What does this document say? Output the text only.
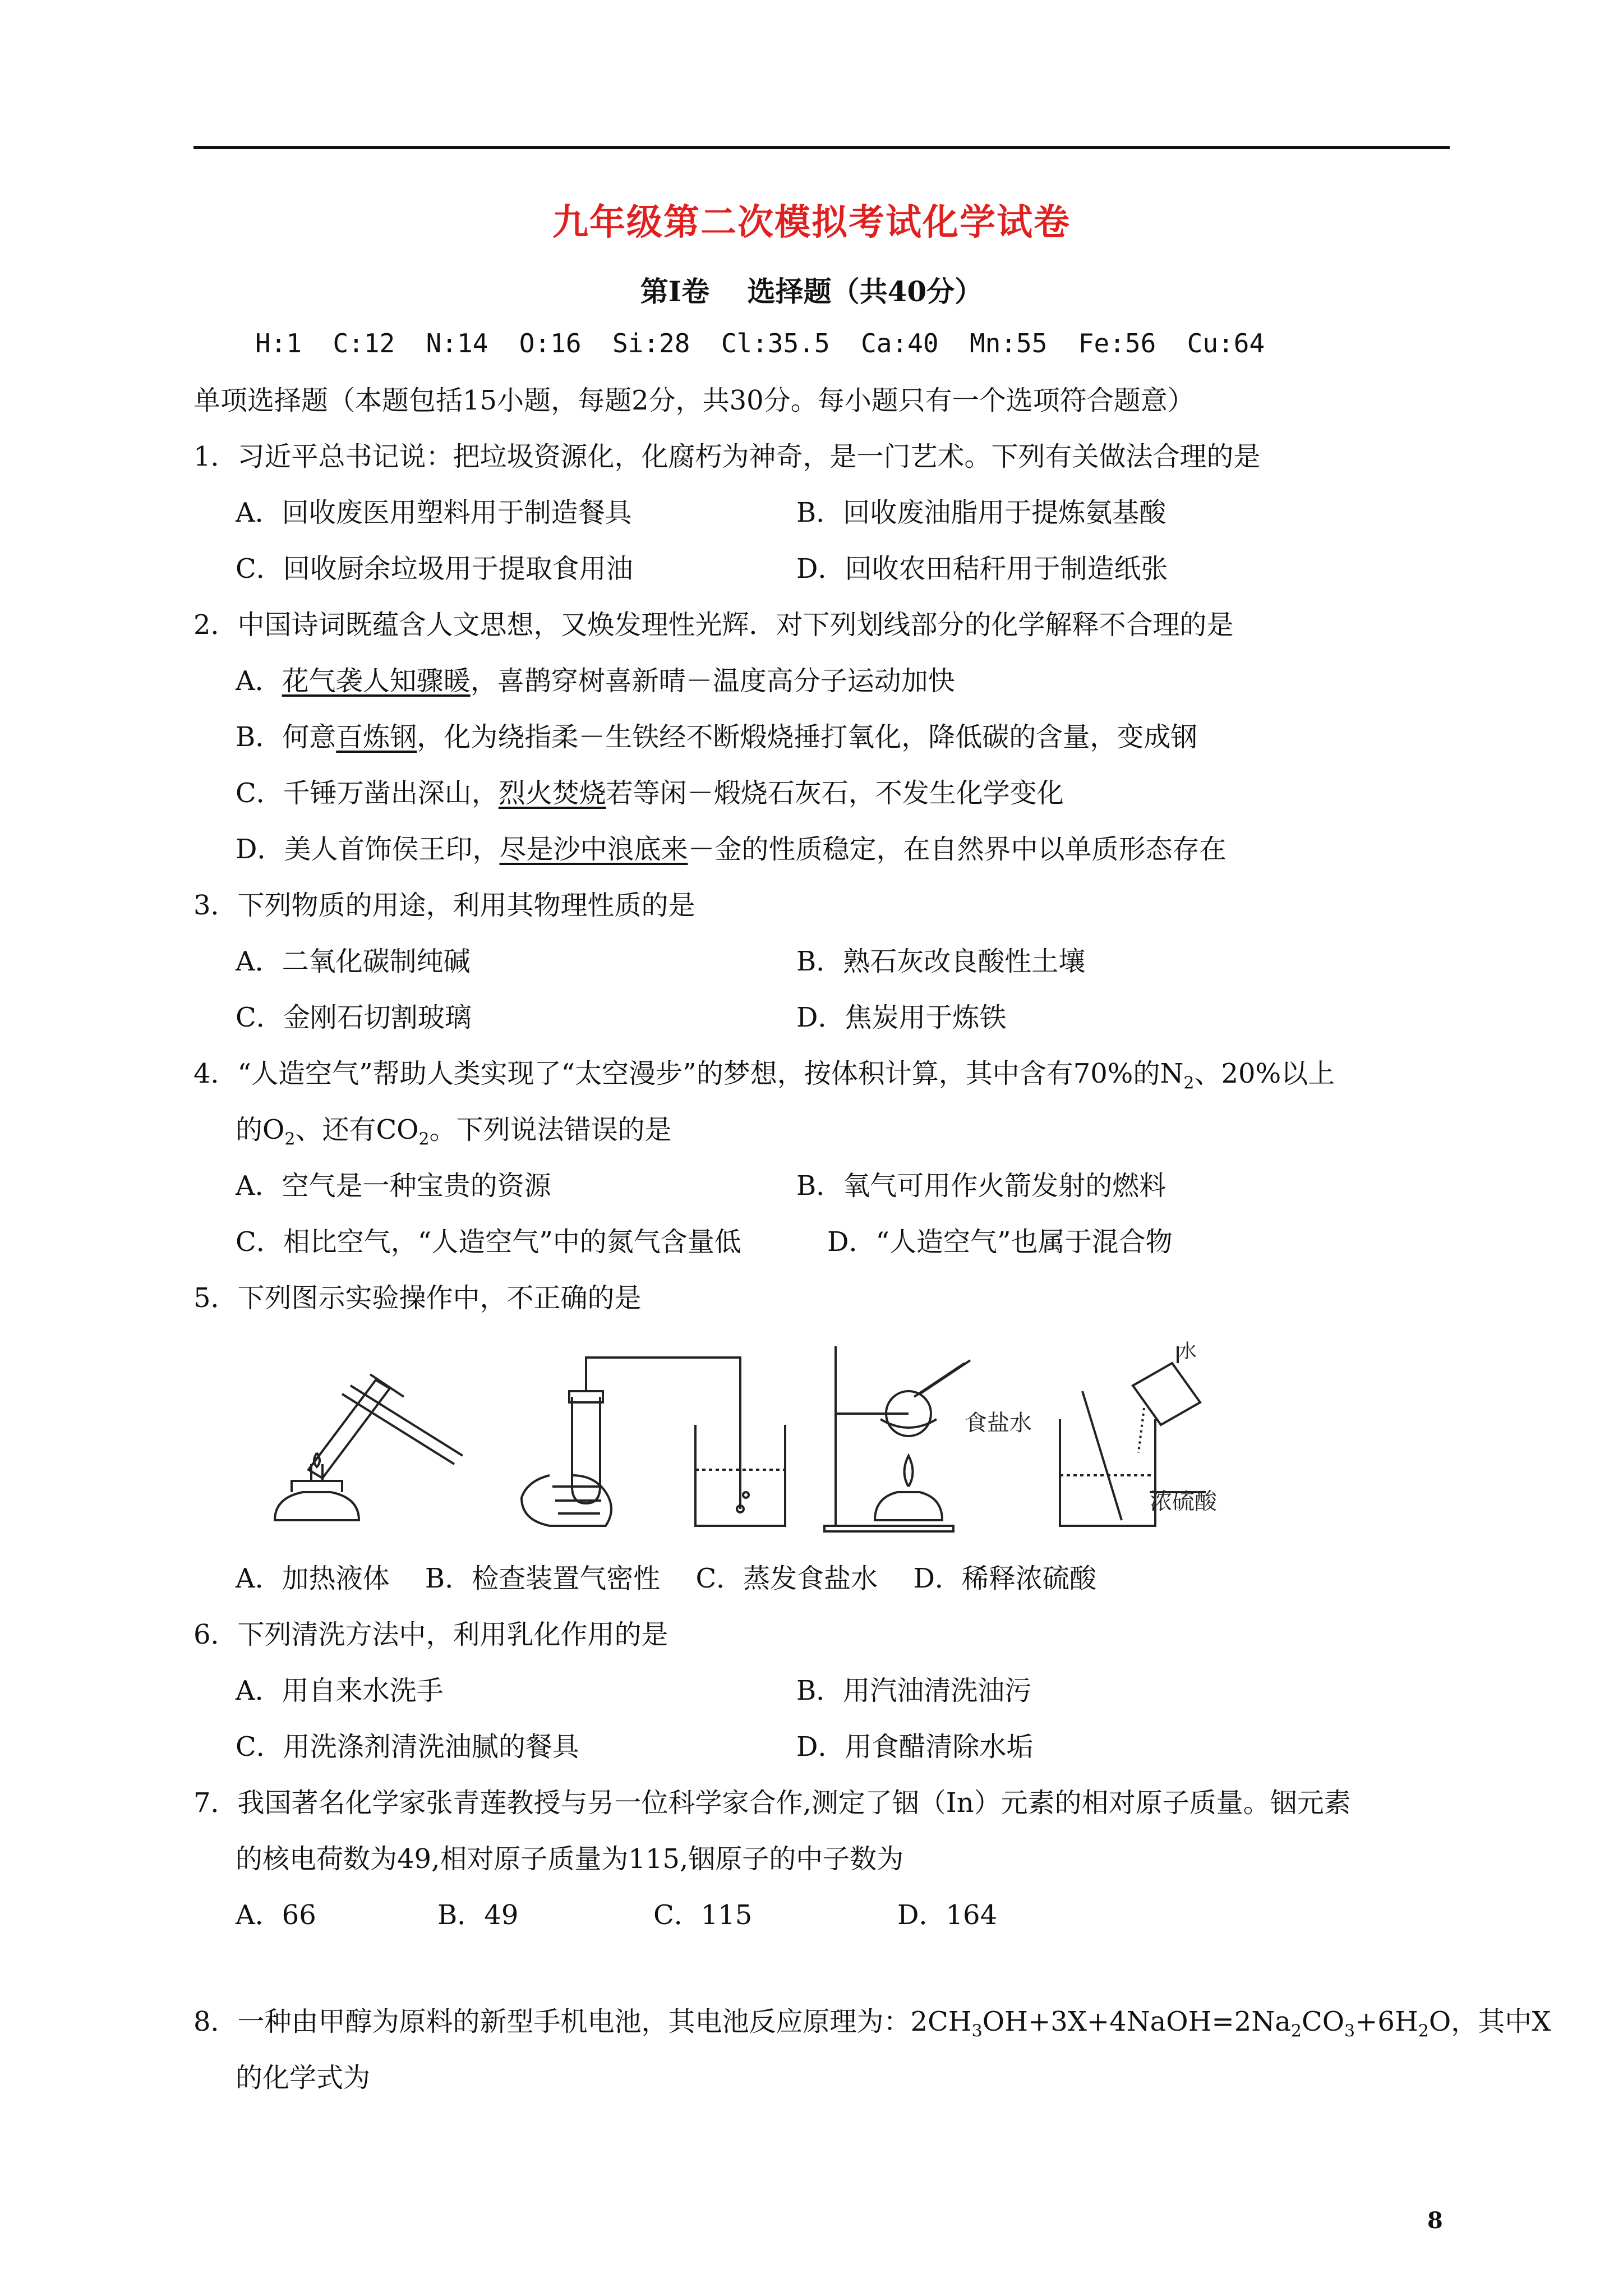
九年级第二次模拟考试化学试卷
第Ⅰ卷　 选择题（共40分）
H:1  C:12  N:14  O:16  Si:28  Cl:35.5  Ca:40  Mn:55  Fe:56  Cu:64
单项选择题（本题包括15小题，每题2分，共30分。每小题只有一个选项符合题意）
1．习近平总书记说：把垃圾资源化，化腐朽为神奇，是一门艺术。下列有关做法合理的是
A．回收废医用塑料用于制造餐具	B．回收废油脂用于提炼氨基酸
C．回收厨余垃圾用于提取食用油	D．回收农田秸秆用于制造纸张
2．中国诗词既蕴含人文思想，又焕发理性光辉．对下列划线部分的化学解释不合理的是
A．花气袭人知骤暖，喜鹊穿树喜新晴－温度高分子运动加快
B．何意百炼钢，化为绕指柔－生铁经不断煅烧捶打氧化，降低碳的含量，变成钢
C．千锤万凿出深山，烈火焚烧若等闲－煅烧石灰石，不发生化学变化
D．美人首饰侯王印，尽是沙中浪底来－金的性质稳定，在自然界中以单质形态存在
3．下列物质的用途，利用其物理性质的是
A．二氧化碳制纯碱	B．熟石灰改良酸性土壤
C．金刚石切割玻璃	D．焦炭用于炼铁
4．“人造空气”帮助人类实现了“太空漫步”的梦想，按体积计算，其中含有70%的$N_2$、20%以上
的$O_2$、还有$CO_2$。下列说法错误的是
A．空气是一种宝贵的资源	B．氧气可用作火箭发射的燃料
C．相比空气，“人造空气”中的氮气含量低	D．“人造空气”也属于混合物
5．下列图示实验操作中，不正确的是
食盐水
水
浓硫酸
A．加热液体　 B．检查装置气密性　 C．蒸发食盐水　 D．稀释浓硫酸
6．下列清洗方法中，利用乳化作用的是
A．用自来水洗手	B．用汽油清洗油污
C．用洗涤剂清洗油腻的餐具	D．用食醋清除水垢
7．我国著名化学家张青莲教授与另一位科学家合作,测定了铟（In）元素的相对原子质量。铟元素
的核电荷数为49,相对原子质量为115,铟原子的中子数为
A．66	B．49	C．115	D．164
8．一种由甲醇为原料的新型手机电池，其电池反应原理为：$2CH_3OH+3X+4NaOH=2Na_2CO_3+6H_2O$，其中X
的化学式为
8
